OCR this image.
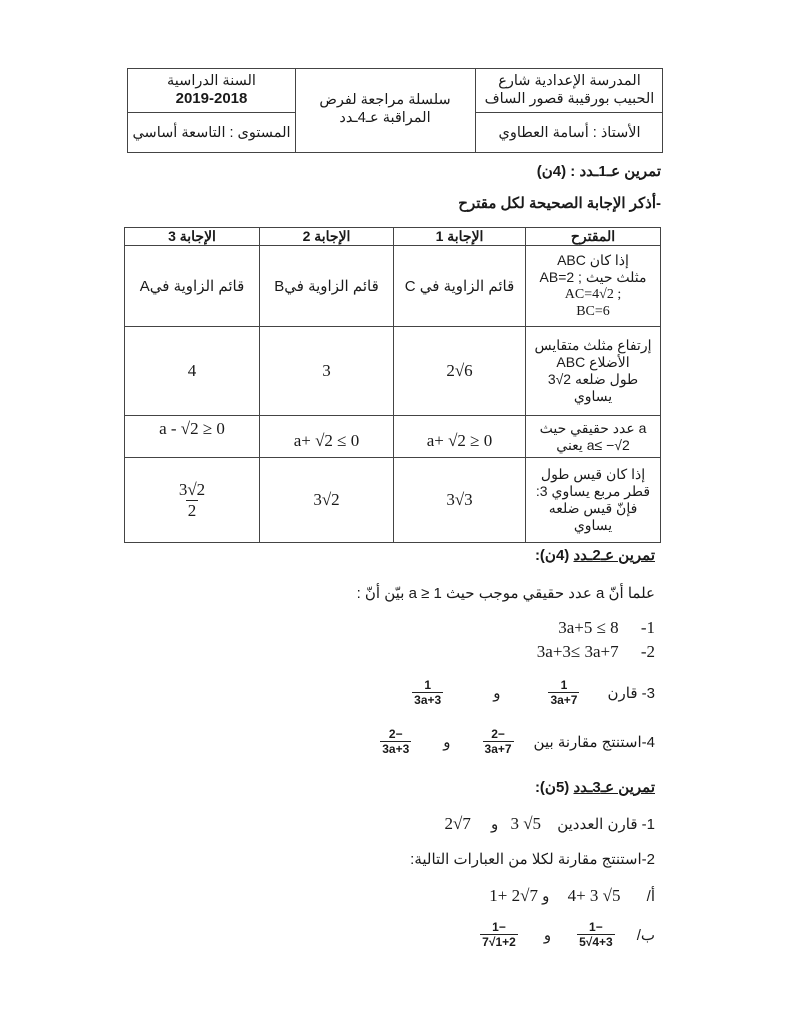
المدرسة الإعدادية شارع
الحبيب بورقيبة قصور الساف
الأستاذ : أسامة العطاوي
سلسلة مراجعة لفرض
المراقبة عـ4ـدد
السنة الدراسية
2019-2018
المستوى : التاسعة أساسي
تمرين عـ1ـدد : (4ن)
-أذكر الإجابة الصحيحة لكل مقترح
المقترح
الإجابة 1
الإجابة 2
الإجابة 3
إذا كان ABC
مثلث حيث ; AB=2
AC=4√2 ;
BC=6
قائم الزاوية في C
قائم الزاوية فيB
قائم الزاوية فيA
إرتفاع مثلث متقايس
الأضلاع ABC
طول ضلعه 2√3
يساوي
2√6
3
4
a عدد حقيقي حيث
a≤ −√2 يعني
a+ √2 ≥ 0
a+ √2 ≤ 0
a - √2 ≥ 0
إذا كان قيس طول
قطر مربع يساوي 3:
فإنّ قيس ضلعه
يساوي
3√3
3√2
$\frac{3√2}{2}$
تمرين عـ2ـدد (4ن):
علما أنّ a عدد حقيقي موجب حيث 1 ≤ a بيّن أنّ :
-1 3a+5 ≤ 8
-2 3a+3≤ 3a+7
3- قارن
$\frac{1}{3a+7}$
و
$\frac{1}{3a+3}$
4-استنتج مقارنة بين
$\frac{-2}{3a+7}$
و
$\frac{-2}{3a+3}$
تمرين عـ3ـدد (5ن):
1- قارن العددين 3 √5 و 2√7
2-استنتج مقارنة لكلا من العبارات التالية:
أ/ 4+ 3 √5 و 1+ 2√7
ب/
$\frac{-1}{4+3√5}$
و
$\frac{-1}{1+2√7}$
